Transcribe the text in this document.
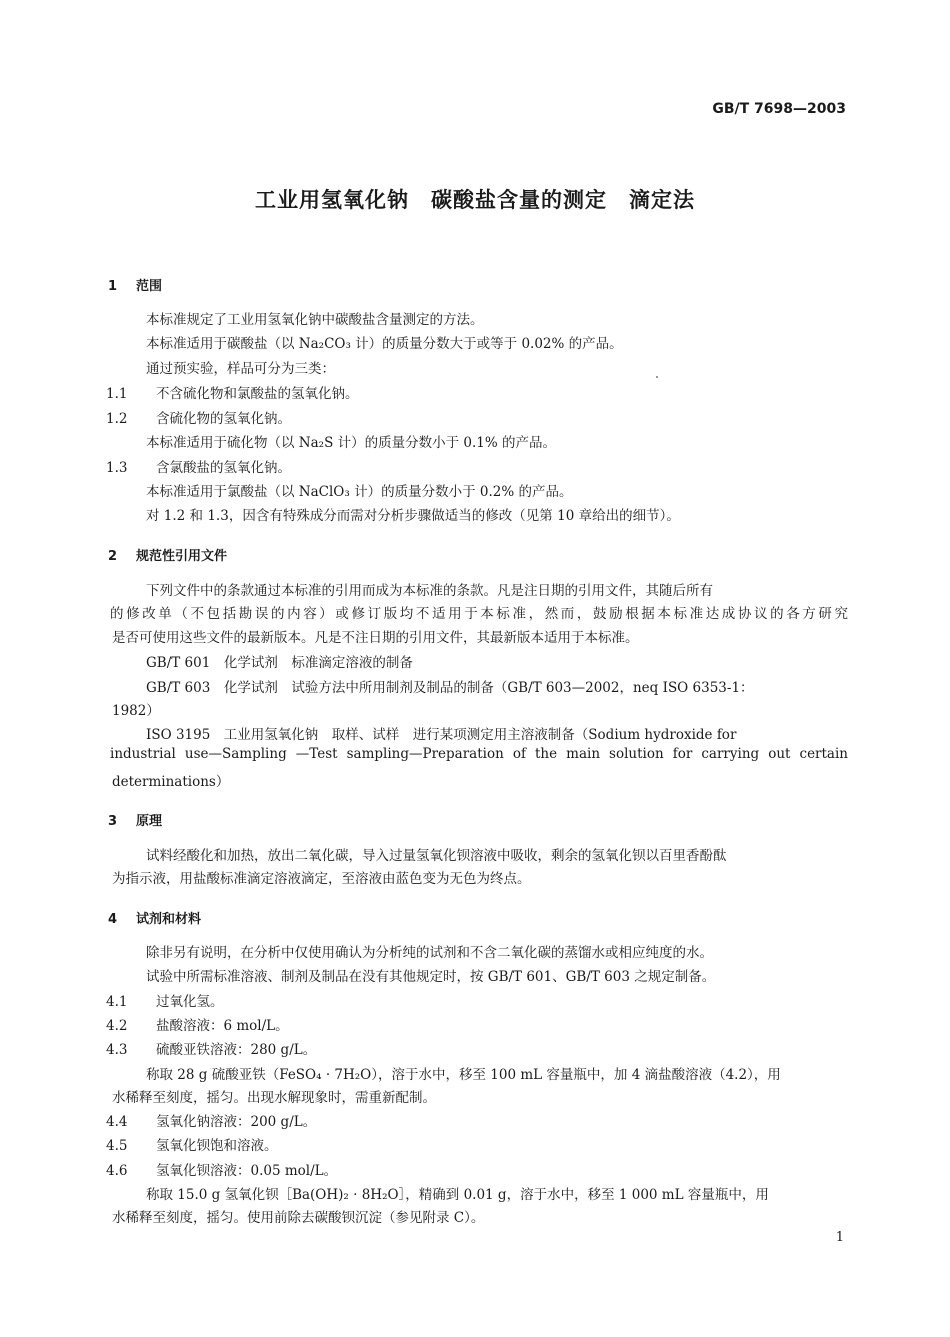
GB/T 7698—2003
工业用氢氧化钠　碳酸盐含量的测定　滴定法
1 范围
本标准规定了工业用氢氧化钠中碳酸盐含量测定的方法。
本标准适用于碳酸盐（以 Na₂CO₃ 计）的质量分数大于或等于 0.02% 的产品。
通过预实验，样品可分为三类：
1.1 不含硫化物和氯酸盐的氢氧化钠。
1.2 含硫化物的氢氧化钠。
本标准适用于硫化物（以 Na₂S 计）的质量分数小于 0.1% 的产品。
1.3 含氯酸盐的氢氧化钠。
本标准适用于氯酸盐（以 NaClO₃ 计）的质量分数小于 0.2% 的产品。
对 1.2 和 1.3，因含有特殊成分而需对分析步骤做适当的修改（见第 10 章给出的细节）。
2 规范性引用文件
下列文件中的条款通过本标准的引用而成为本标准的条款。凡是注日期的引用文件，其随后所有
的修改单（不包括勘误的内容）或修订版均不适用于本标准，然而，鼓励根据本标准达成协议的各方研究
是否可使用这些文件的最新版本。凡是不注日期的引用文件，其最新版本适用于本标准。
GB/T 601　化学试剂　标准滴定溶液的制备
GB/T 603　化学试剂　试验方法中所用制剂及制品的制备（GB/T 603—2002，neq ISO 6353-1：
1982）
ISO 3195　工业用氢氧化钠　取样、试样　进行某项测定用主溶液制备（Sodium hydroxide for
industrial use—Sampling —Test sampling—Preparation of the main solution for carrying out certain
determinations）
3 原理
试料经酸化和加热，放出二氧化碳，导入过量氢氧化钡溶液中吸收，剩余的氢氧化钡以百里香酚酞
为指示液，用盐酸标准滴定溶液滴定，至溶液由蓝色变为无色为终点。
4 试剂和材料
除非另有说明，在分析中仅使用确认为分析纯的试剂和不含二氧化碳的蒸馏水或相应纯度的水。
试验中所需标准溶液、制剂及制品在没有其他规定时，按 GB/T 601、GB/T 603 之规定制备。
4.1 过氧化氢。
4.2 盐酸溶液：6 mol/L。
4.3 硫酸亚铁溶液：280 g/L。
称取 28 g 硫酸亚铁（FeSO₄ · 7H₂O），溶于水中，移至 100 mL 容量瓶中，加 4 滴盐酸溶液（4.2），用
水稀释至刻度，摇匀。出现水解现象时，需重新配制。
4.4 氢氧化钠溶液：200 g/L。
4.5 氢氧化钡饱和溶液。
4.6 氢氧化钡溶液：0.05 mol/L。
称取 15.0 g 氢氧化钡［Ba(OH)₂ · 8H₂O］，精确到 0.01 g，溶于水中，移至 1 000 mL 容量瓶中，用
水稀释至刻度，摇匀。使用前除去碳酸钡沉淀（参见附录 C）。
1
